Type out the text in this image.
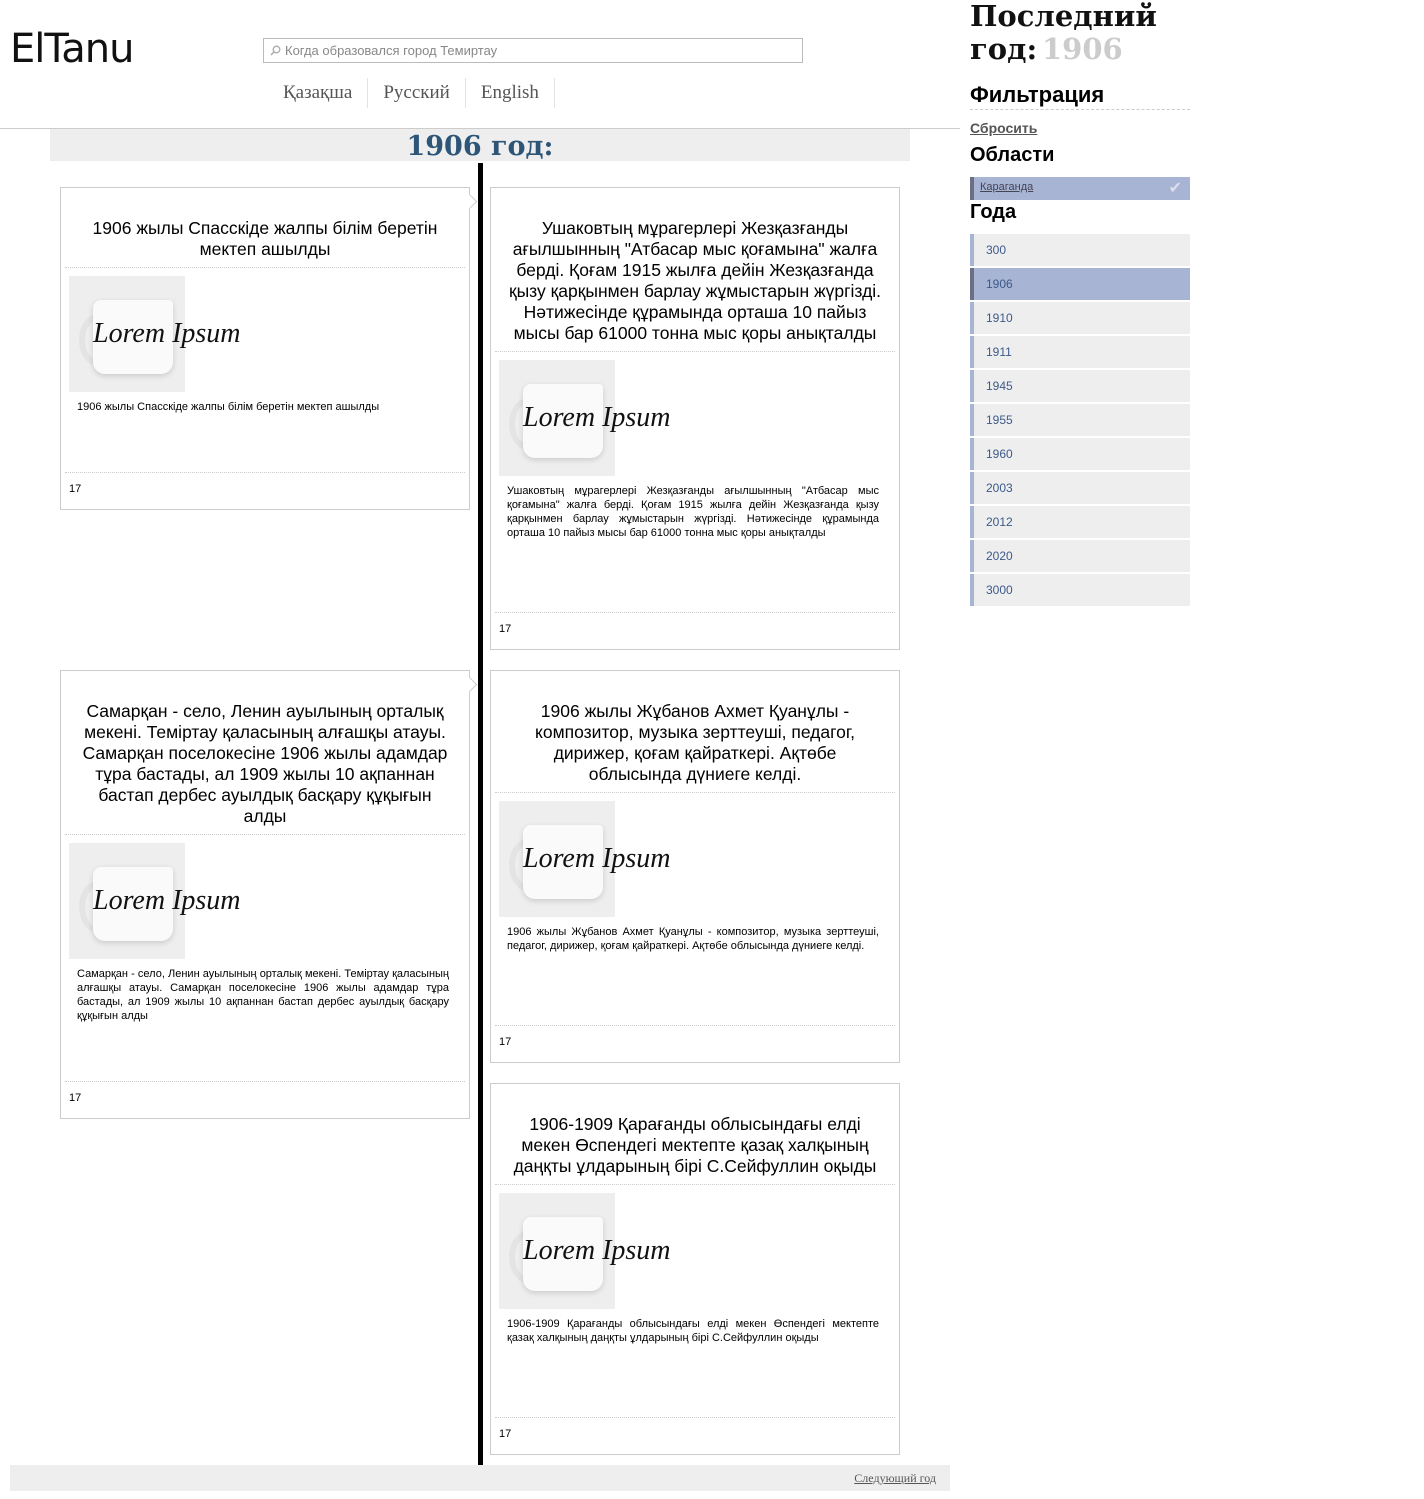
ElTanu
Когда образовался город Темиртау
Қазақша	Русский	English
1906 год:
1906 жылы Спасскіде жалпы білім беретін мектеп ашылды
Lorem Ipsum
1906 жылы Спасскіде жалпы білім беретін мектеп ашылды
17
Ушаковтың мұрагерлері Жезқазғанды ағылшынның "Атбасар мыс қоғамына" жалға берді. Қоғам 1915 жылға дейін Жезқазғанда қызу қарқынмен барлау жұмыстарын жүргізді. Нәтижесінде құрамында орташа 10 пайыз мысы бар 61000 тонна мыс қоры анықталды
Lorem Ipsum
Ушаковтың мұрагерлері Жезқазғанды ағылшынның "Атбасар мыс қоғамына" жалға берді. Қоғам 1915 жылға дейін Жезқазғанда қызу қарқынмен барлау жұмыстарын жүргізді. Нәтижесінде құрамында орташа 10 пайыз мысы бар 61000 тонна мыс қоры анықталды
17
Самарқан - село, Ленин ауылының орталық мекені. Теміртау қаласының алғашқы атауы. Самарқан поселокесіне 1906 жылы адамдар тұра бастады, ал 1909 жылы 10 ақпаннан бастап дербес ауылдық басқару құқығын алды
Lorem Ipsum
Самарқан - село, Ленин ауылының орталық мекені. Теміртау қаласының алғашқы атауы. Самарқан поселокесіне 1906 жылы адамдар тұра бастады, ал 1909 жылы 10 ақпаннан бастап дербес ауылдық басқару құқығын алды
17
1906 жылы Жұбанов Ахмет Қуанұлы - композитор, музыка зерттеуші, педагог, дирижер, қоғам қайраткері. Ақтөбе облысында дүниеге келді.
Lorem Ipsum
1906 жылы Жұбанов Ахмет Қуанұлы - композитор, музыка зерттеуші, педагог, дирижер, қоғам қайраткері. Ақтөбе облысында дүниеге келді.
17
1906-1909 Қарағанды облысындағы елді мекен Өспендегі мектепте қазақ халқының даңқты ұлдарының бірі С.Сейфуллин оқыды
Lorem Ipsum
1906-1909 Қарағанды облысындағы елді мекен Өспендегі мектепте қазақ халқының даңқты ұлдарының бірі С.Сейфуллин оқыды
17
Следующий год
Последний год: 1906
Фильтрация
Сбросить
Области
Караганда	✔
Года
300
1906
1910
1911
1945
1955
1960
2003
2012
2020
3000
